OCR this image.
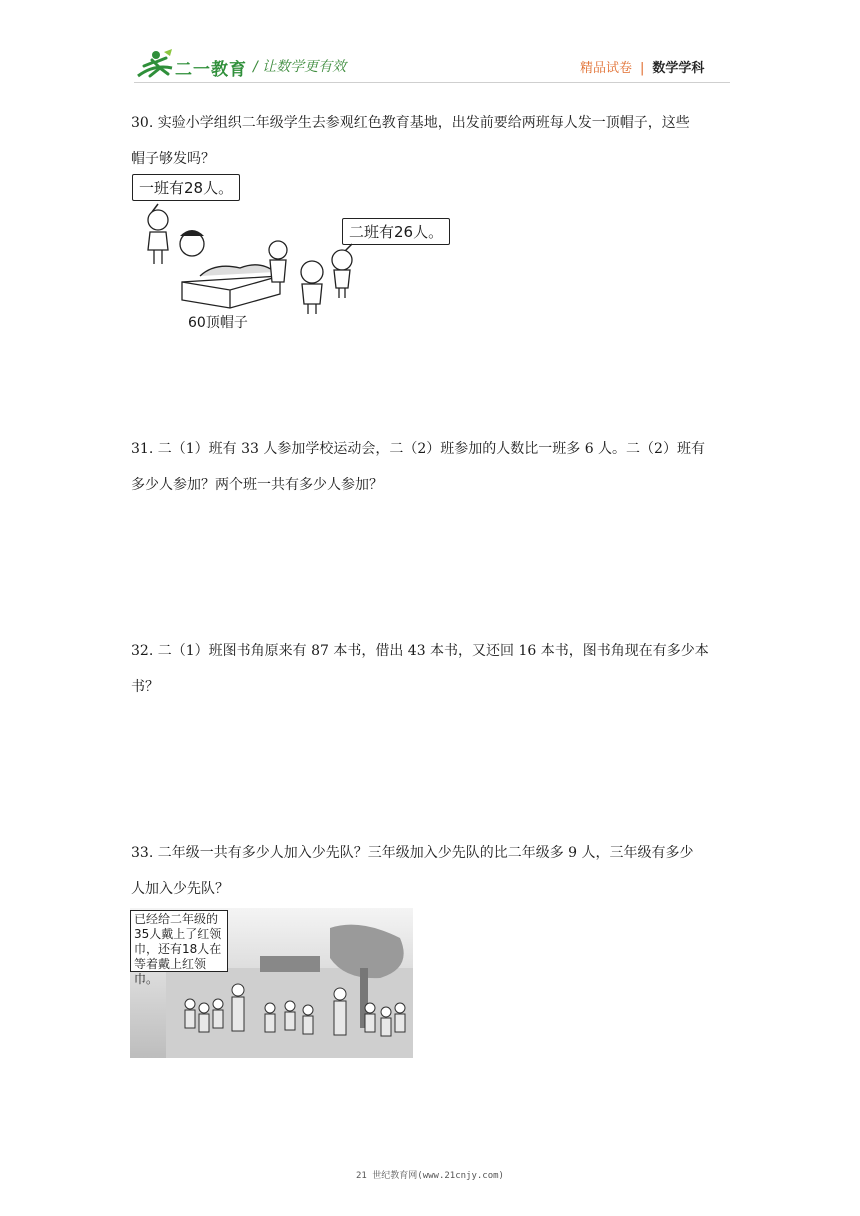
二一教育 / 让数学更有效	精品试卷 | 数学学科
30. 实验小学组织二年级学生去参观红色教育基地，出发前要给两班每人发一顶帽子，这些
帽子够发吗？
一班有28人。
二班有26人。
60顶帽子
31. 二（1）班有 33 人参加学校运动会，二（2）班参加的人数比一班多 6 人。二（2）班有
多少人参加？两个班一共有多少人参加？
32. 二（1）班图书角原来有 87 本书，借出 43 本书，又还回 16 本书，图书角现在有多少本
书？
33. 二年级一共有多少人加入少先队？三年级加入少先队的比二年级多 9 人，三年级有多少
人加入少先队？
已经给二年级的
35人戴上了红领
巾，还有18人在
等着戴上红领巾。
21 世纪教育网(www.21cnjy.com)
